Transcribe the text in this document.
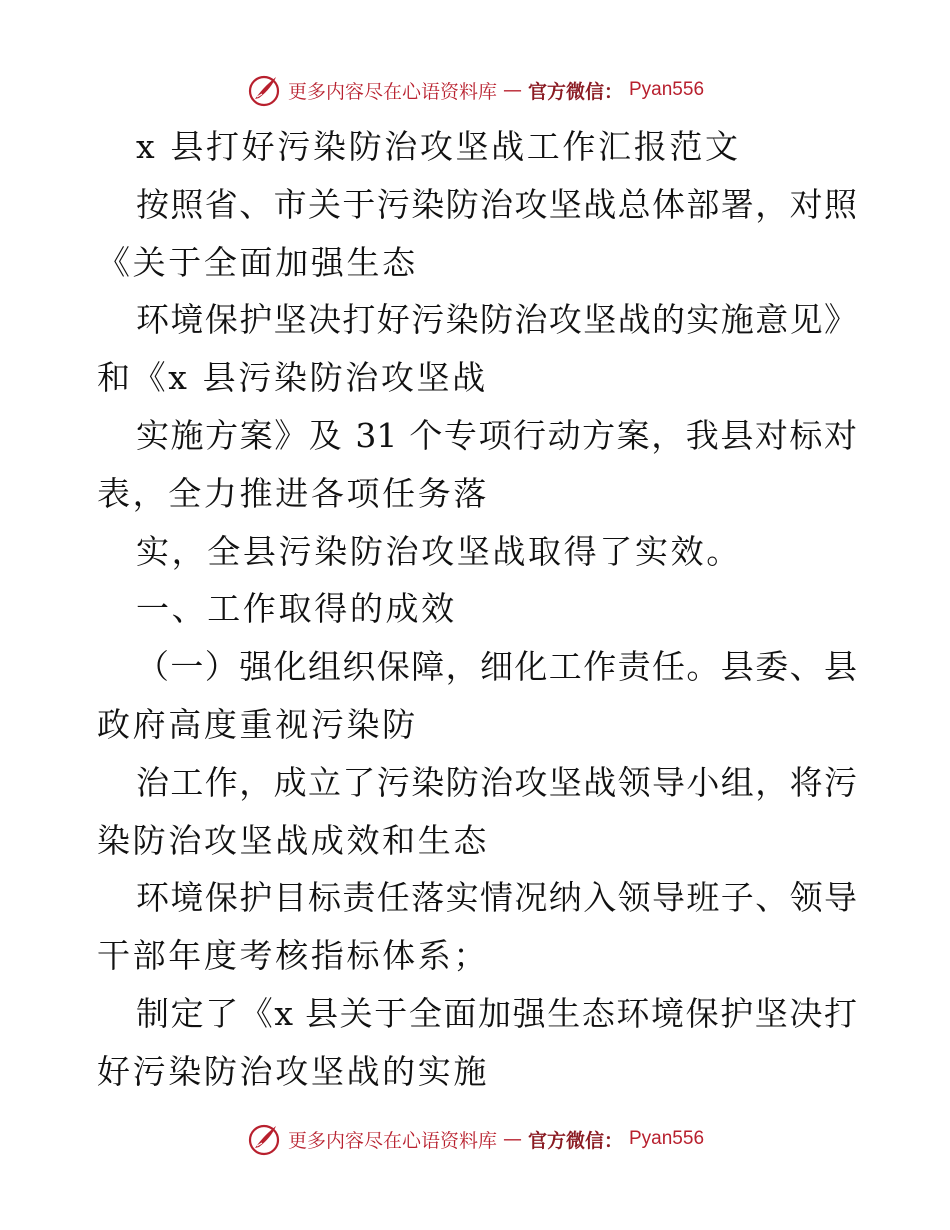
更多内容尽在心语资料库 — 官方微信： Pyan556
x 县打好污染防治攻坚战工作汇报范文
按照省、市关于污染防治攻坚战总体部署，对照
《关于全面加强生态
环境保护坚决打好污染防治攻坚战的实施意见》
和《x 县污染防治攻坚战
实施方案》及 31 个专项行动方案，我县对标对
表，全力推进各项任务落
实，全县污染防治攻坚战取得了实效。
一、工作取得的成效
（一）强化组织保障，细化工作责任。县委、县
政府高度重视污染防
治工作，成立了污染防治攻坚战领导小组，将污
染防治攻坚战成效和生态
环境保护目标责任落实情况纳入领导班子、领导
干部年度考核指标体系；
制定了《x 县关于全面加强生态环境保护坚决打
好污染防治攻坚战的实施
更多内容尽在心语资料库 — 官方微信： Pyan556
